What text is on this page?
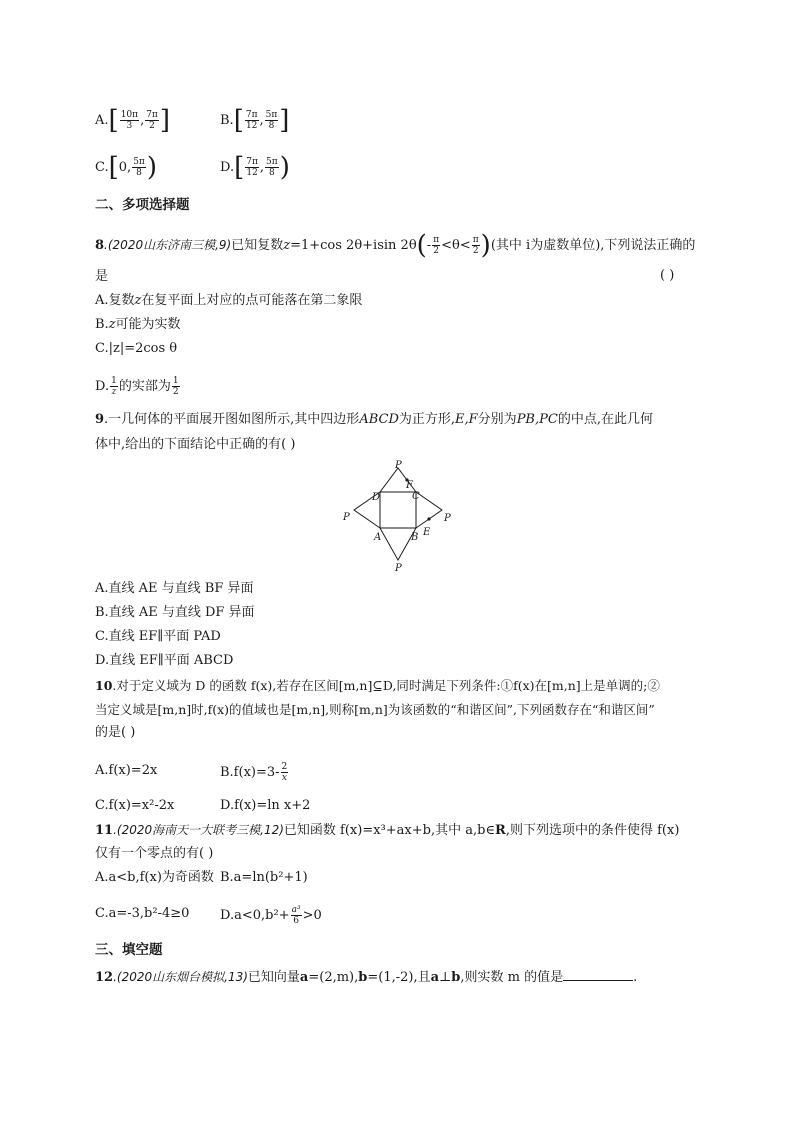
$A.[ \frac{10\pi}{3}$ , $\frac{7\pi}{2}$ ]	$B.[ \frac{7\pi}{12}$ , $\frac{5\pi}{8}$ ]
C.[0, $\frac{5\pi}{8}$ )	$D.[ \frac{7\pi}{12}$ , $\frac{5\pi}{8}$ )
二、多项选择题
8.(2020山东济南三模,9)已知复数z=1+cos 2θ+isin $2\theta(- \frac{\pi}{2} <\theta< \frac{\pi}{2}$ )(其中 i为虚数单位),下列说法正确的
是	( )
A.复数z在复平面上对应的点可能落在第二象限
B.z可能为实数
C.|z|=2cos θ
D. $\frac{1}{z}$ 的实部为 $\frac{1}{2}$
9.一几何体的平面展开图如图所示,其中四边形ABCD为正方形,E,F分别为PB,PC的中点,在此几何
体中,给出的下面结论中正确的有( )
P
P
P
P
D	C
A	B E
F
A.直线 AE 与直线 BF 异面
B.直线 AE 与直线 DF 异面
C.直线 EF∥平面 PAD
D.直线 EF∥平面 ABCD
10.对于定义域为 D 的函数 f(x),若存在区间[m,n]⊆D,同时满足下列条件:①f(x)在[m,n]上是单调的;②
当定义域是[m,n]时,f(x)的值域也是[m,n],则称[m,n]为该函数的“和谐区间”,下列函数存在“和谐区间”
的是( )
A.f(x)=2x	$B.f(x)=3- \frac{2}{x}$
C.f(x)=x²-2x	D.f(x)=ln x+2
11.(2020海南天一大联考三模,12)已知函数 f(x)=x³+ax+b,其中 a,b∈R,则下列选项中的条件使得 f(x)
仅有一个零点的有( )
A.a<b,f(x)为奇函数 B.a=ln(b²+1)
C.a=-3,b²-4≥0 $D.a<0,b^2+ \frac{\text{a³}}{6} >0$
三、填空题
12.(2020山东烟台模拟,13)已知向量a=(2,m),b=(1,-2),且a⊥b,则实数 m 的值是	.
